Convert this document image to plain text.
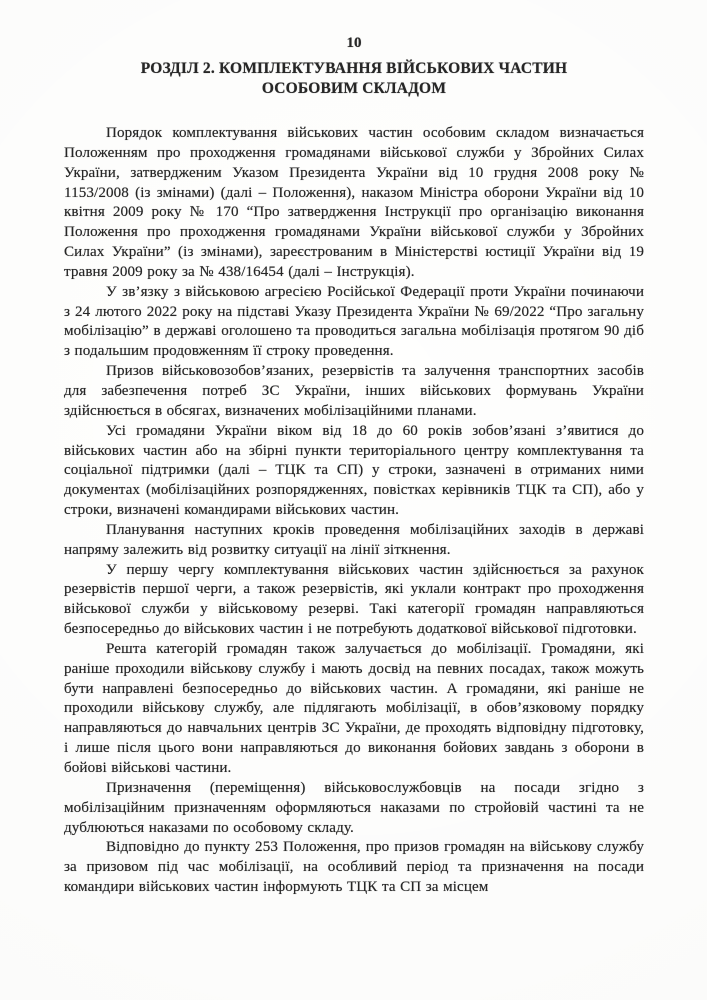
10
РОЗДІЛ 2. КОМПЛЕКТУВАННЯ ВІЙСЬКОВИХ ЧАСТИН
ОСОБОВИМ СКЛАДОМ

Порядок комплектування військових частин особовим складом визначається Положенням про проходження громадянами військової служби у Збройних Силах України, затвердженим Указом Президента України від 10 грудня 2008 року № 1153/2008 (із змінами) (далі – Положення), наказом Міністра оборони України від 10 квітня 2009 року № 170 “Про затвердження Інструкції про організацію виконання Положення про проходження громадянами України військової служби у Збройних Силах України” (із змінами), зареєстрованим в Міністерстві юстиції України від 19 травня 2009 року за № 438/16454 (далі – Інструкція).

У зв’язку з військовою агресією Російської Федерації проти України починаючи з 24 лютого 2022 року на підставі Указу Президента України № 69/2022 “Про загальну мобілізацію” в державі оголошено та проводиться загальна мобілізація протягом 90 діб з подальшим продовженням її строку проведення.

Призов військовозобов’язаних, резервістів та залучення транспортних засобів для забезпечення потреб ЗС України, інших військових формувань України здійснюється в обсягах, визначених мобілізаційними планами.

Усі громадяни України віком від 18 до 60 років зобов’язані з’явитися до військових частин або на збірні пункти територіального центру комплектування та соціальної підтримки (далі – ТЦК та СП) у строки, зазначені в отриманих ними документах (мобілізаційних розпорядженнях, повістках керівників ТЦК та СП), або у строки, визначені командирами військових частин.

Планування наступних кроків проведення мобілізаційних заходів в державі напряму залежить від розвитку ситуації на лінії зіткнення.

У першу чергу комплектування військових частин здійснюється за рахунок резервістів першої черги, а також резервістів, які уклали контракт про проходження військової служби у військовому резерві. Такі категорії громадян направляються безпосередньо до військових частин і не потребують додаткової військової підготовки.

Решта категорій громадян також залучається до мобілізації. Громадяни, які раніше проходили військову службу і мають досвід на певних посадах, також можуть бути направлені безпосередньо до військових частин. А громадяни, які раніше не проходили військову службу, але підлягають мобілізації, в обов’язковому порядку направляються до навчальних центрів ЗС України, де проходять відповідну підготовку, і лише після цього вони направляються до виконання бойових завдань з оборони в бойові військові частини.

Призначення (переміщення) військовослужбовців на посади згідно з мобілізаційним призначенням оформляються наказами по стройовій частині та не дублюються наказами по особовому складу.

Відповідно до пункту 253 Положення, про призов громадян на військову службу за призовом під час мобілізації, на особливий період та призначення на посади командири військових частин інформують ТЦК та СП за місцем
